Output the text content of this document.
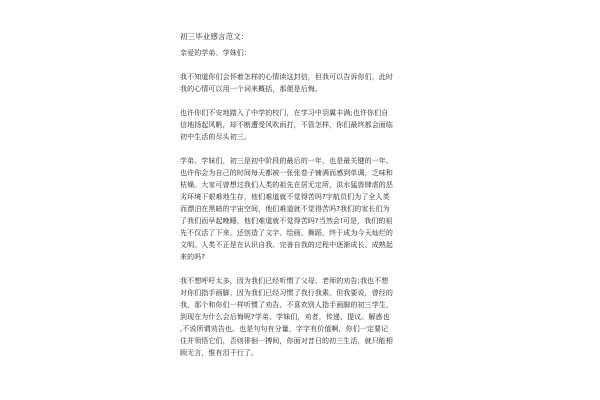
初三毕业感言范文：
亲爱的学弟、学妹们：
我不知道你们会怀着怎样的心情读这封信，但我可以告诉你们，此时
我的心情可以用一个词来概括，那便是后悔。
也许你们不安地踏入了中学的校门，在学习中羽翼丰满;也许你们自
信地扬起风帆，却不断遭受风吹雨打，不管怎样，你们最终都会面临
初中生活的尽头初三。
学弟、学妹们，初三是初中阶段的最后的一年，也是最关键的一年。
也许你会为自己的时间每天都被一张张卷子铺满而感到单调，乏味和
枯燥。大家可曾想过我们人类的祖先在居无定所，洪水猛兽肆虐的恶
劣环境下艰难地生存，他们难道就不觉得苦吗?宇航员们为了全人类
而漂泊在黑暗的宇宙空间，他们难道就不觉得苦吗?我们的家长们为
了我们而早起晚睡，他们难道就不觉得苦吗?当然会!可是，我们的祖
先不仅活了下来，还创造了文字、绘画、舞蹈，终于成为今天灿烂的
文明。人类不正是在认识自我、完善自我的过程中逐渐成长、成熟起
来的吗?
我不想呼吁太多，因为我们已经听惯了父母、老师的劝告;我也不想
对你们指手画脚，因为我们已经习惯了我行我素。但我要说，曾经的
我，那个和你们一样听惯了劝告、不喜欢别人指手画脚的初三学生，
到现在为什么会后悔呢?学弟、学妹们，劝者，传递、提议、解惑也
,不说所谓劝告也。也是句句有分量，字字有价值啊，你们一定要记
住并领悟它们，否则徘徊一搏间，你面对昔日的初三生活，就只能相
顾无言，惟有泪千行了。
